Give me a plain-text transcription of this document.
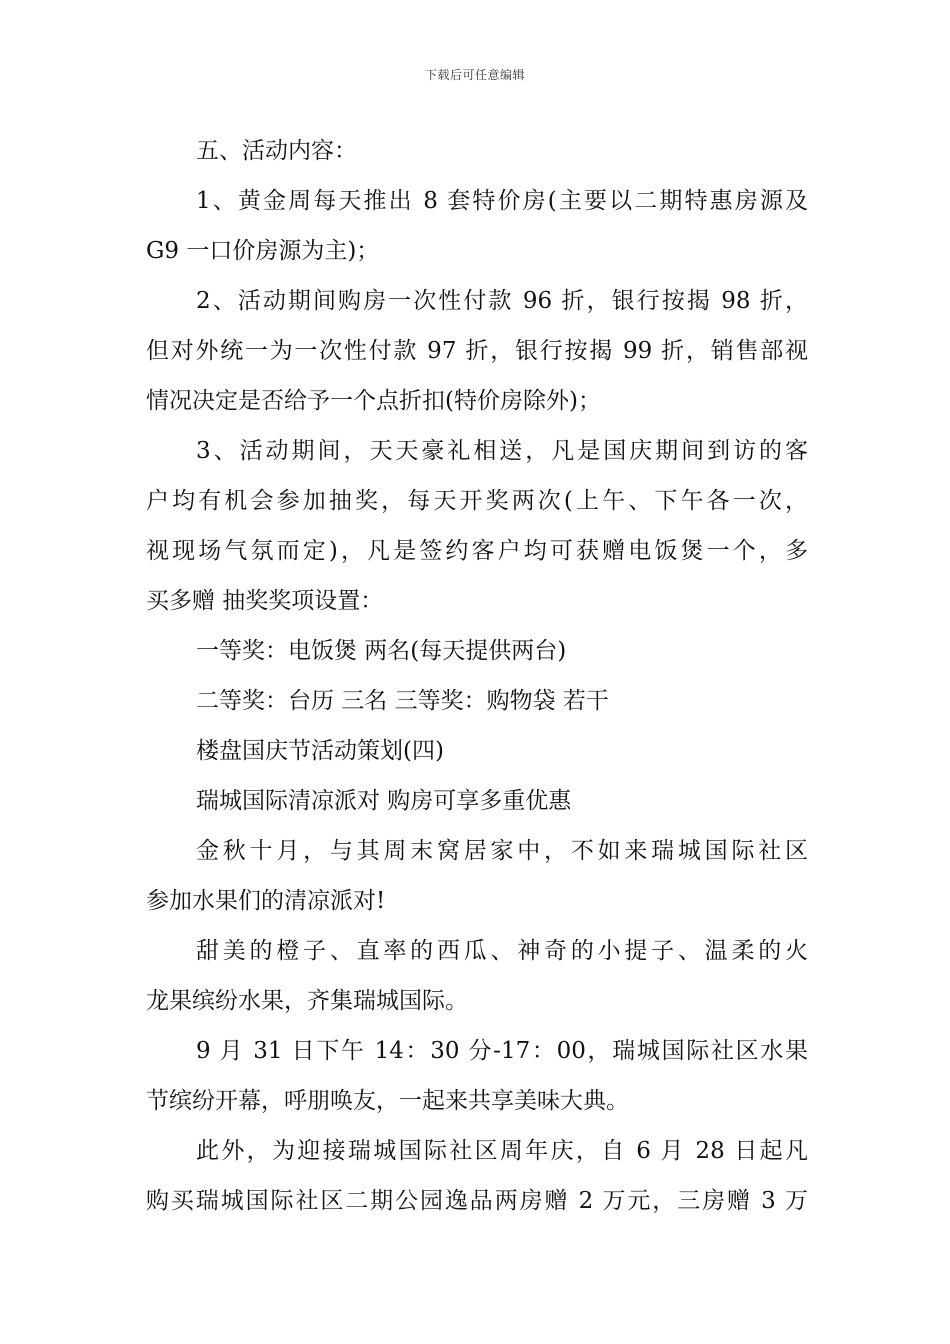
下载后可任意编辑
五、活动内容：
1、黄金周每天推出 8 套特价房(主要以二期特惠房源及
G9 一口价房源为主)；
2、活动期间购房一次性付款 96 折，银行按揭 98 折，
但对外统一为一次性付款 97 折，银行按揭 99 折，销售部视
情况决定是否给予一个点折扣(特价房除外)；
3、活动期间，天天豪礼相送，凡是国庆期间到访的客
户均有机会参加抽奖，每天开奖两次(上午、下午各一次，
视现场气氛而定)，凡是签约客户均可获赠电饭煲一个，多
买多赠 抽奖奖项设置：
一等奖：电饭煲 两名(每天提供两台)
二等奖：台历 三名 三等奖：购物袋 若干
楼盘国庆节活动策划(四)
瑞城国际清凉派对 购房可享多重优惠
金秋十月，与其周末窝居家中，不如来瑞城国际社区
参加水果们的清凉派对!
甜美的橙子、直率的西瓜、神奇的小提子、温柔的火
龙果缤纷水果，齐集瑞城国际。
9 月 31 日下午 14：30 分-17：00，瑞城国际社区水果
节缤纷开幕，呼朋唤友，一起来共享美味大典。
此外，为迎接瑞城国际社区周年庆，自 6 月 28 日起凡
购买瑞城国际社区二期公园逸品两房赠 2 万元，三房赠 3 万
